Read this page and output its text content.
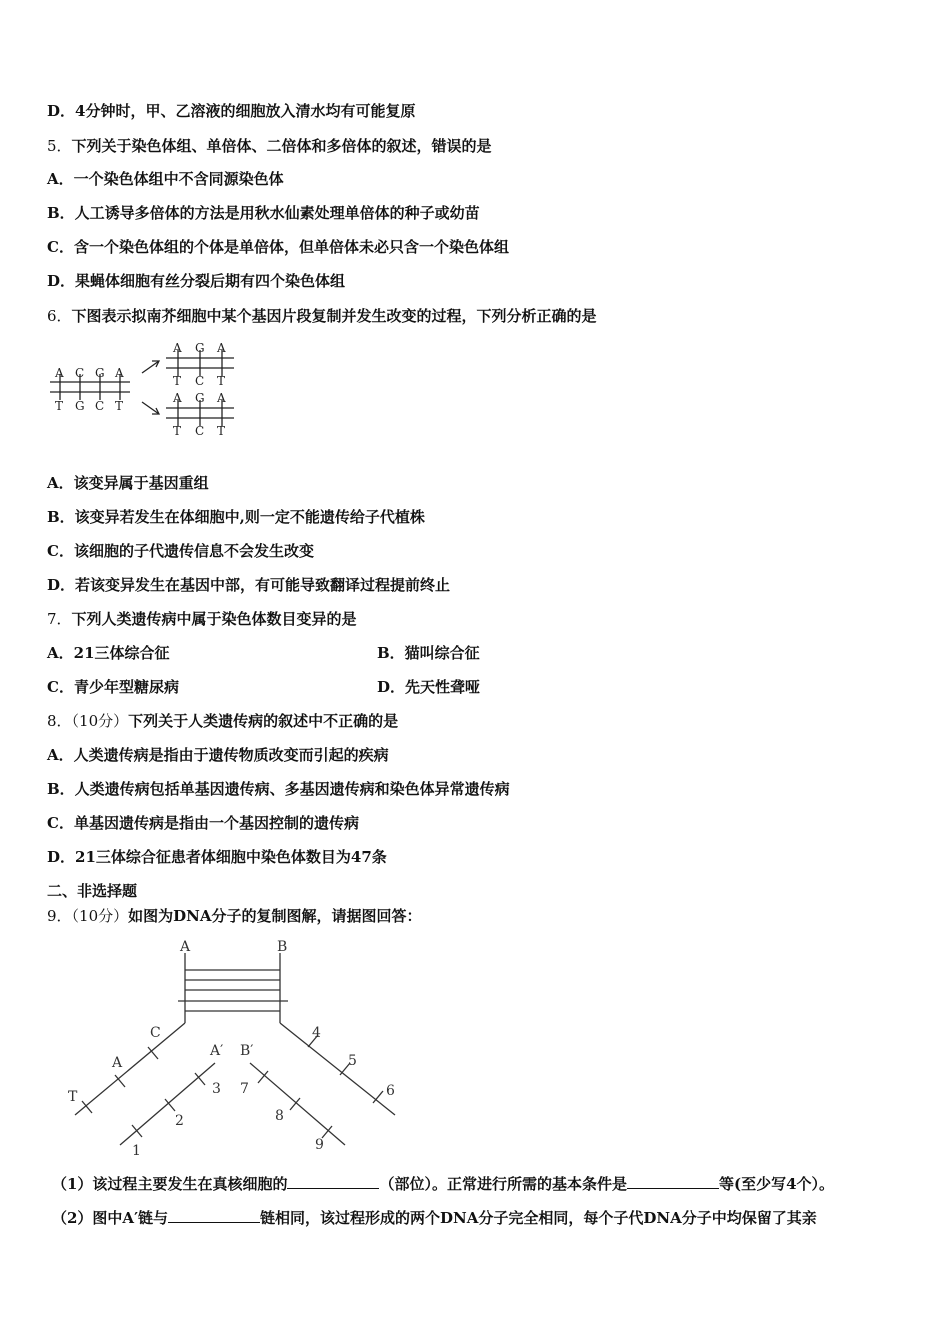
D．4分钟时，甲、乙溶液的细胞放入清水均有可能复原
5．下列关于染色体组、单倍体、二倍体和多倍体的叙述，错误的是
A．一个染色体组中不含同源染色体
B．人工诱导多倍体的方法是用秋水仙素处理单倍体的种子或幼苗
C．含一个染色体组的个体是单倍体，但单倍体未必只含一个染色体组
D．果蝇体细胞有丝分裂后期有四个染色体组
6．下图表示拟南芥细胞中某个基因片段复制并发生改变的过程，下列分析正确的是
A C G A
T G C T
A G A
T C T
A G A
T C T
A．该变异属于基因重组
B．该变异若发生在体细胞中,则一定不能遗传给子代植株
C．该细胞的子代遗传信息不会发生改变
D．若该变异发生在基因中部，有可能导致翻译过程提前终止
7．下列人类遗传病中属于染色体数目变异的是
A．21三体综合征	B．猫叫综合征
C．青少年型糖尿病	D．先天性聋哑
8．（10分）下列关于人类遗传病的叙述中不正确的是
A．人类遗传病是指由于遗传物质改变而引起的疾病
B．人类遗传病包括单基因遗传病、多基因遗传病和染色体异常遗传病
C．单基因遗传病是指由一个基因控制的遗传病
D．21三体综合征患者体细胞中染色体数目为47条
二、非选择题
9．（10分）如图为DNA分子的复制图解，请据图回答：
A	B
A′ B′
C
A
T	3
2
1
7
8
9
4
5
6
（1）该过程主要发生在真核细胞的	（部位）。正常进行所需的基本条件是	等(至少写4个）。
（2）图中A′链与	链相同，该过程形成的两个DNA分子完全相同，每个子代DNA分子中均保留了其亲
